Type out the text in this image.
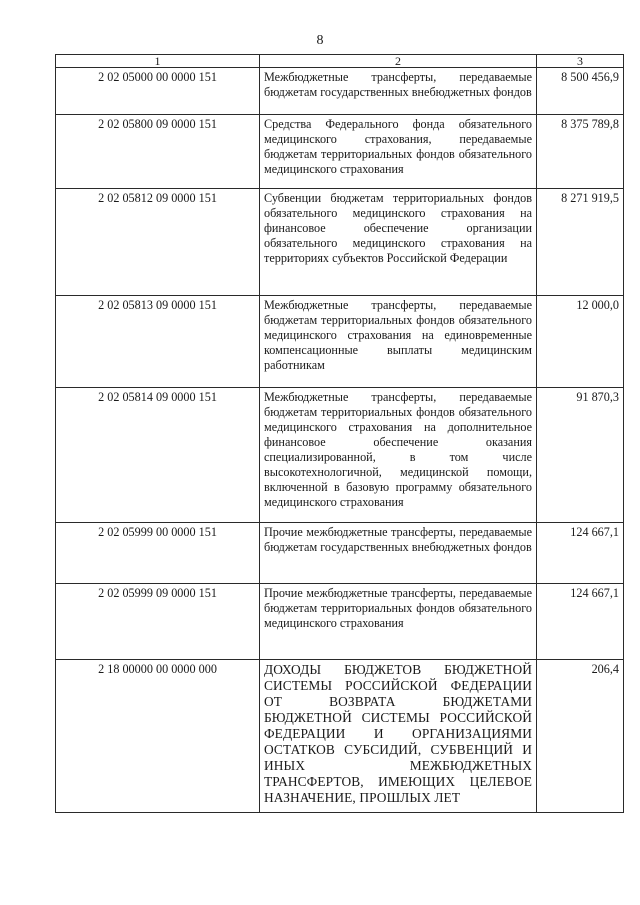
8
1	2	3
2 02 05000 00 0000 151	Межбюджетные трансферты, передаваемые бюджетам государственных внебюджетных фондов	8 500 456,9
2 02 05800 09 0000 151	Средства Федерального фонда обязательного медицинского страхования, передаваемые бюджетам территориальных фондов обязательного медицинского страхования	8 375 789,8
2 02 05812 09 0000 151	Субвенции бюджетам территориальных фондов обязательного медицинского страхования на финансовое обеспечение организации обязательного медицинского страхования на территориях субъектов Российской Федерации	8 271 919,5
2 02 05813 09 0000 151	Межбюджетные трансферты, передаваемые бюджетам территориальных фондов обязательного медицинского страхования на единовременные компенсационные выплаты медицинским работникам	12 000,0
2 02 05814 09 0000 151	Межбюджетные трансферты, передаваемые бюджетам территориальных фондов обязательного медицинского страхования на дополнительное финансовое обеспечение оказания специализированной, в том числе высокотехнологичной, медицинской помощи, включенной в базовую программу обязательного медицинского страхования	91 870,3
2 02 05999 00 0000 151	Прочие межбюджетные трансферты, передаваемые бюджетам государственных внебюджетных фондов	124 667,1
2 02 05999 09 0000 151	Прочие межбюджетные трансферты, передаваемые бюджетам территориальных фондов обязательного медицинского страхования	124 667,1
2 18 00000 00 0000 000	ДОХОДЫ БЮДЖЕТОВ БЮДЖЕТНОЙ СИСТЕМЫ РОССИЙСКОЙ ФЕДЕРАЦИИ ОТ ВОЗВРАТА БЮДЖЕТАМИ БЮДЖЕТНОЙ СИСТЕМЫ РОССИЙСКОЙ ФЕДЕРАЦИИ И ОРГАНИЗАЦИЯМИ ОСТАТКОВ СУБСИДИЙ, СУБВЕНЦИЙ И ИНЫХ МЕЖБЮДЖЕТНЫХ ТРАНСФЕРТОВ, ИМЕЮЩИХ ЦЕЛЕВОЕ НАЗНАЧЕНИЕ, ПРОШЛЫХ ЛЕТ	206,4
